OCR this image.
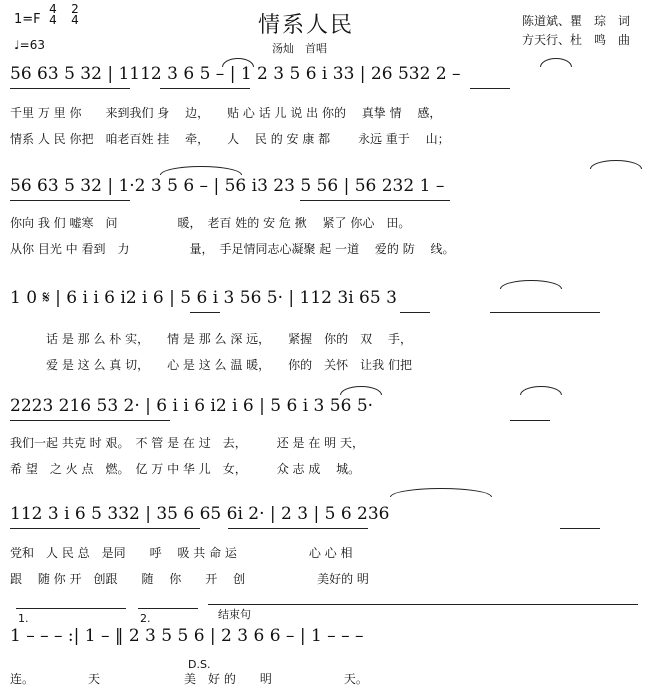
1=F
4
4
2
4
♩=63
情系人民
汤灿　首唱
陈道斌、瞿　琮　词
方天行、杜　鸣　曲
56 63 5 32 | 1112 3 6 5 – | 1 2 3 5 6 i 33 | 26 532 2 –
千里 万 里 你　　来到我们 身　 边，　　贴 心 话 儿 说 出 你的　 真挚 情　 感，
情系 人 民 你把　咱老百姓 挂　 牵，　　人　 民 的 安 康 都　　 永远 重于　 山；
56 63 5 32 | 1·2 3 5 6 – | 56 i3 23 5 56 | 56 232 1 –
你向 我 们 嘘寒　问　　　　　暖，　老百 姓的 安 危 揪　 紧了 你心　田。
从你 目光 中 看到　力　　　　　量，　手足情同志心凝聚 起 一道　 爱的 防　 线。
1 0 𝄋 | 6 i i 6 i2 i 6 | 5 6 i 3 56 5· | 112 3i 65 3
　　　话 是 那 么 朴 实，　　情 是 那 么 深 远，　　紧握　你的　双　 手，
　　　爱 是 这 么 真 切，　　心 是 这 么 温 暖，　　你的　关怀　让我 们把
2223 216 53 2· | 6 i i 6 i2 i 6 | 5 6 i 3 56 5·
我们一起 共克 时 艰。　不 管 是 在 过　去，　　　还 是 在 明 天，
希 望　之 火 点　燃。　亿 万 中 华 儿　女，　　　众 志 成　 城。
112 3 i 6 5 332 | 35 6 65 6i 2· | 2 3 | 5 6 236
党和　人 民 总　是同　　呼　 吸 共 命 运　　　　　　心 心 相
跟　 随 你 开　创跟　　随　 你　　开　 创　　　　　　美好的 明
1.	2.	结束句
1 – – – :| 1 – ‖ 2 3 5 5 6 | 2 3 6 6 – | 1 – – –
D.S.
连。　　　　　天　　　　　　　美　好 的　　明　　　　　　天。
